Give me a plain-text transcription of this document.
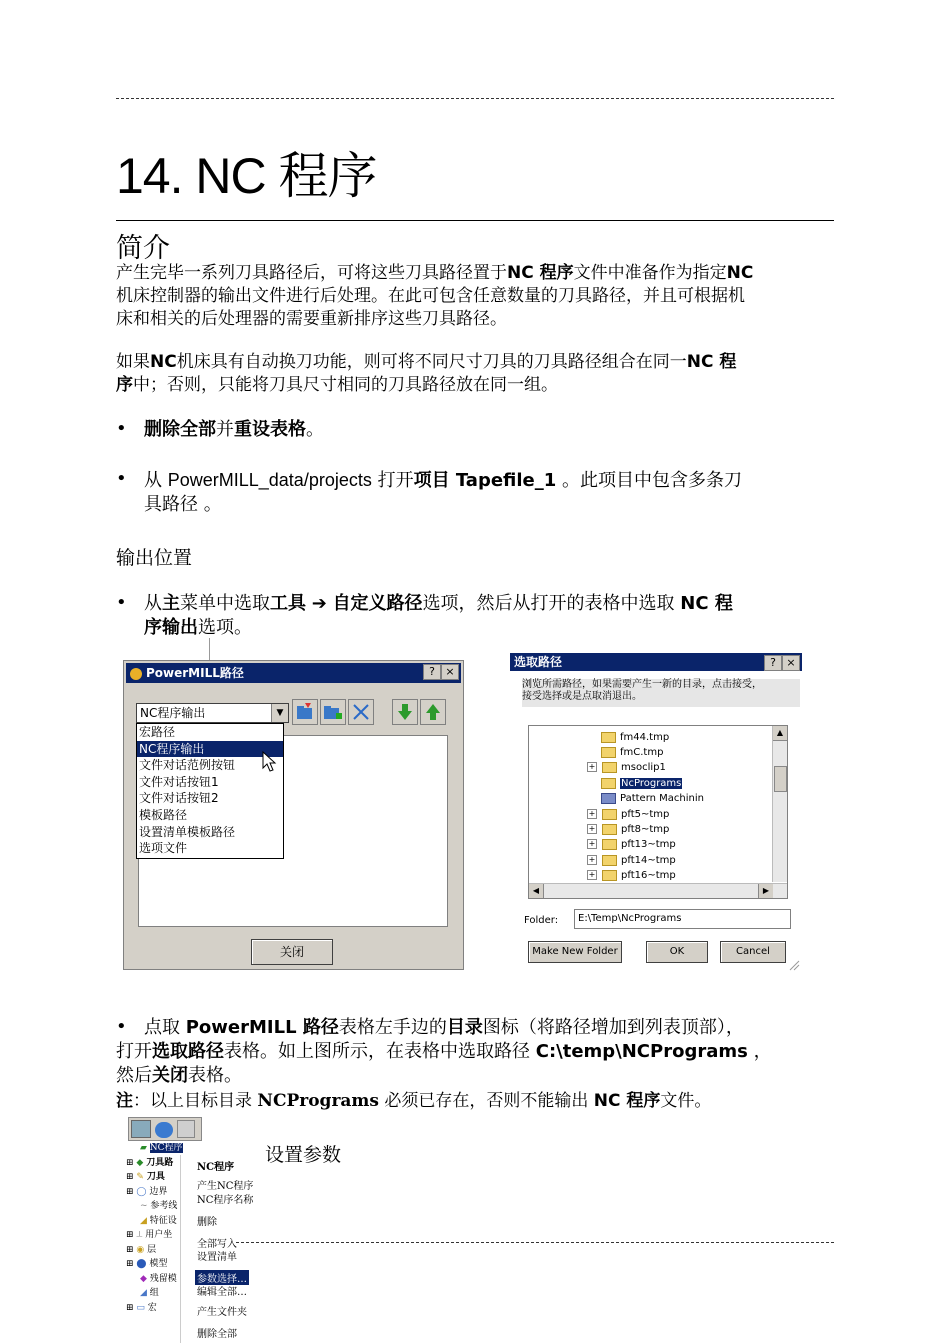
14. NC 程序
简介
产生完毕一系列刀具路径后，可将这些刀具路径置于NC 程序文件中准备作为指定NC
机床控制器的输出文件进行后处理。在此可包含任意数量的刀具路径，并且可根据机
床和相关的后处理器的需要重新排序这些刀具路径。
如果NC机床具有自动换刀功能，则可将不同尺寸刀具的刀具路径组合在同一NC 程
序中；否则，只能将刀具尺寸相同的刀具路径放在同一组。
• 删除全部并重设表格。
• 从 PowerMILL_data/projects 打开项目 Tapefile_1 。此项目中包含多条刀
具路径 。
输出位置
• 从主菜单中选取工具 ➔ 自定义路径选项，然后从打开的表格中选取 NC 程
序输出选项。
PowerMILL路径	? ×
NC程序输出	▼
宏路径
NC程序输出
文件对话范例按钮
文件对话按钮1
文件对话按钮2
模板路径
设置清单模板路径
选项文件
关闭
选取路径	? ×
浏览所需路径，如果需要产生一新的目录，点击接受，
接受选择或是点取消退出。
fm44.tmp
fmC.tmp
+	msoclip1
NcPrograms
Pattern Machinin
+	pft5~tmp
+	pft8~tmp
+	pft13~tmp
+	pft14~tmp
+	pft16~tmp
▲
◀	▶
Folder:	E:\Temp\NcPrograms
Make New Folder	OK	Cancel
• 点取 PowerMILL 路径表格左手边的目录图标（将路径增加到列表顶部），
打开选取路径表格。如上图所示，在表格中选取路径 C:\temp\NCPrograms ，
然后关闭表格。
注：以上目标目录 NCPrograms 必须已存在，否则不能输出 NC 程序文件。
▰ NC程序
⊞ ◆ 刀具路
⊞ ✎ 刀具
⊞ ◯ 边界
~ 参考线
◢ 特征设
⊞ ⟂ 用户坐
⊞ ◉ 层
⊞ ⬤ 模型
◆ 残留模
◢ 组
⊞ ▭ 宏
NC程序
产生NC程序
NC程序名称
删除
全部写入
设置清单
参数选择…
编辑全部…
产生文件夹
删除全部
设置参数
